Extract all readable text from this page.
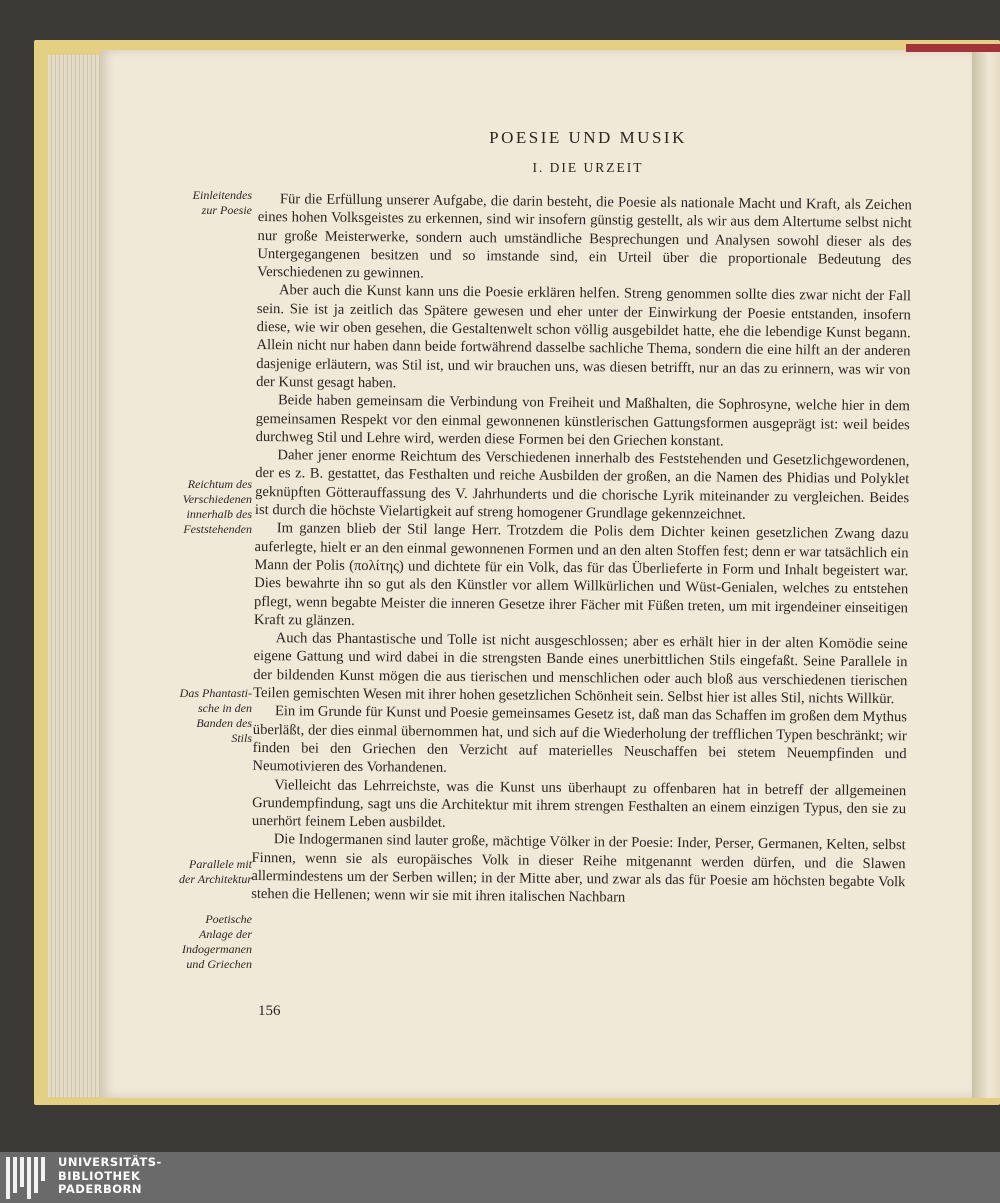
POESIE UND MUSIK
I. DIE URZEIT
Einleitendes
zur Poesie
Reichtum des
Verschiedenen
innerhalb des
Feststehenden
Das Phantasti-
sche in den
Banden des
Stils
Parallele mit
der Architektur
Poetische
Anlage der
Indogermanen
und Griechen

Für die Erfüllung unserer Aufgabe, die darin besteht, die Poesie als nationale Macht und Kraft, als Zeichen eines hohen Volksgeistes zu erkennen, sind wir insofern günstig gestellt, als wir aus dem Altertume selbst nicht nur große Meisterwerke, sondern auch umständliche Besprechungen und Analysen sowohl dieser als des Untergegangenen besitzen und so imstande sind, ein Urteil über die proportionale Bedeutung des Verschiedenen zu gewinnen.

Aber auch die Kunst kann uns die Poesie erklären helfen. Streng genommen sollte dies zwar nicht der Fall sein. Sie ist ja zeitlich das Spätere gewesen und eher unter der Einwirkung der Poesie entstanden, insofern diese, wie wir oben gesehen, die Gestaltenwelt schon völlig ausgebildet hatte, ehe die lebendige Kunst begann. Allein nicht nur haben dann beide fortwährend dasselbe sachliche Thema, sondern die eine hilft an der anderen dasjenige erläutern, was Stil ist, und wir brauchen uns, was diesen betrifft, nur an das zu erinnern, was wir von der Kunst gesagt haben.

Beide haben gemeinsam die Verbindung von Freiheit und Maßhalten, die Sophrosyne, welche hier in dem gemeinsamen Respekt vor den einmal gewonnenen künstlerischen Gattungsformen ausgeprägt ist: weil beides durchweg Stil und Lehre wird, werden diese Formen bei den Griechen konstant.

Daher jener enorme Reichtum des Verschiedenen innerhalb des Feststehenden und Gesetzlichgewordenen, der es z. B. gestattet, das Festhalten und reiche Ausbilden der großen, an die Namen des Phidias und Polyklet geknüpften Götterauffassung des V. Jahrhunderts und die chorische Lyrik miteinander zu vergleichen. Beides ist durch die höchste Vielartigkeit auf streng homogener Grundlage gekennzeichnet.

Im ganzen blieb der Stil lange Herr. Trotzdem die Polis dem Dichter keinen gesetzlichen Zwang dazu auferlegte, hielt er an den einmal gewonnenen Formen und an den alten Stoffen fest; denn er war tatsächlich ein Mann der Polis (πολίτης) und dichtete für ein Volk, das für das Überlieferte in Form und Inhalt begeistert war. Dies bewahrte ihn so gut als den Künstler vor allem Willkürlichen und Wüst-Genialen, welches zu entstehen pflegt, wenn begabte Meister die inneren Gesetze ihrer Fächer mit Füßen treten, um mit irgendeiner einseitigen Kraft zu glänzen.

Auch das Phantastische und Tolle ist nicht ausgeschlossen; aber es erhält hier in der alten Komödie seine eigene Gattung und wird dabei in die strengsten Bande eines unerbittlichen Stils eingefaßt. Seine Parallele in der bildenden Kunst mögen die aus tierischen und menschlichen oder auch bloß aus verschiedenen tierischen Teilen gemischten Wesen mit ihrer hohen gesetzlichen Schönheit sein. Selbst hier ist alles Stil, nichts Willkür.

Ein im Grunde für Kunst und Poesie gemeinsames Gesetz ist, daß man das Schaffen im großen dem Mythus überläßt, der dies einmal übernommen hat, und sich auf die Wiederholung der trefflichen Typen beschränkt; wir finden bei den Griechen den Verzicht auf materielles Neuschaffen bei stetem Neuempfinden und Neumotivieren des Vorhandenen.

Vielleicht das Lehrreichste, was die Kunst uns überhaupt zu offenbaren hat in betreff der allgemeinen Grundempfindung, sagt uns die Architektur mit ihrem strengen Festhalten an einem einzigen Typus, den sie zu unerhört feinem Leben ausbildet.

Die Indogermanen sind lauter große, mächtige Völker in der Poesie: Inder, Perser, Germanen, Kelten, selbst Finnen, wenn sie als europäisches Volk in dieser Reihe mitgenannt werden dürfen, und die Slawen allermindestens um der Serben willen; in der Mitte aber, und zwar als das für Poesie am höchsten begabte Volk stehen die Hellenen; wenn wir sie mit ihren italischen Nachbarn

156
UNIVERSITÄTS-
BIBLIOTHEK
PADERBORN
